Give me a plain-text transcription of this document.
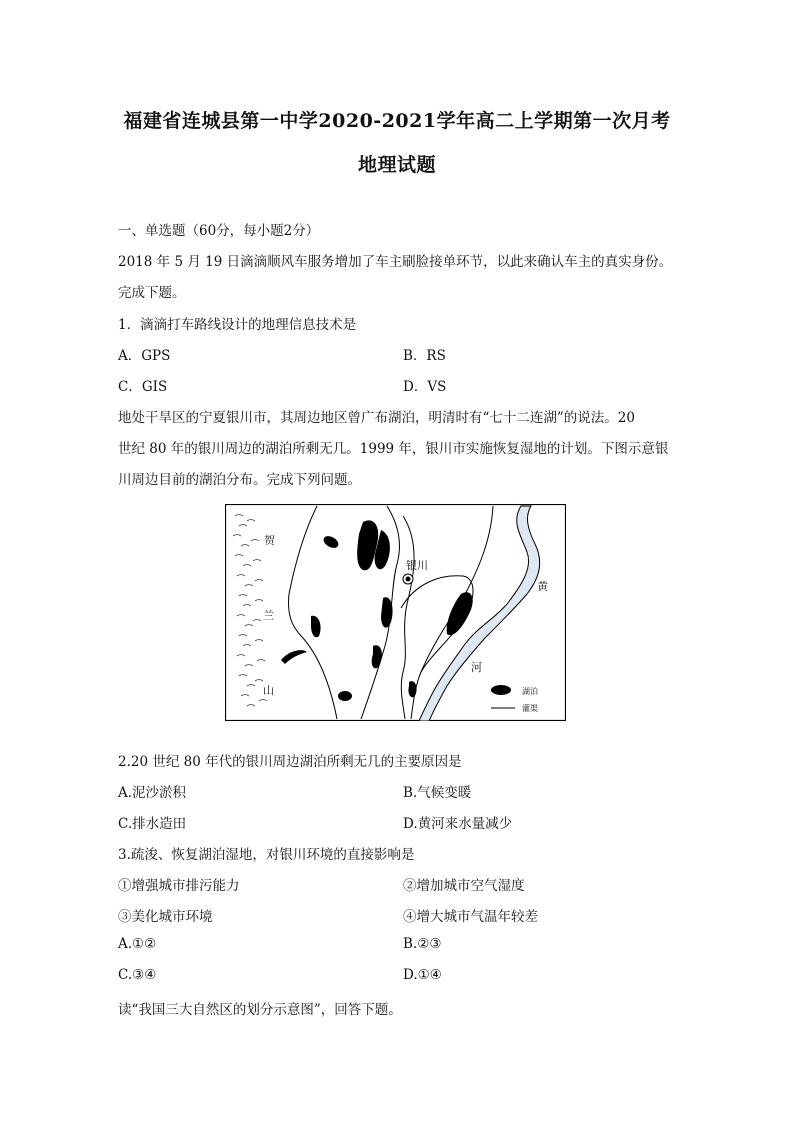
福建省连城县第一中学2020-2021学年高二上学期第一次月考
地理试题
一、单选题（60分，每小题2分）
2018 年 5 月 19 日滴滴顺风车服务增加了车主刷脸接单环节，以此来确认车主的真实身份。
完成下题。
1．滴滴打车路线设计的地理信息技术是
A．GPS	B．RS
C．GIS	D．VS
地处干旱区的宁夏银川市，其周边地区曾广布湖泊，明清时有“七十二连湖”的说法。20
世纪 80 年的银川周边的湖泊所剩无几。1999 年，银川市实施恢复湿地的计划。下图示意银
川周边目前的湖泊分布。完成下列问题。
贺
兰
山
银川
黄
河
湖泊
灌渠
2.20 世纪 80 年代的银川周边湖泊所剩无几的主要原因是
A.泥沙淤积	B.气候变暖
C.排水造田	D.黄河来水量减少
3.疏浚、恢复湖泊湿地，对银川环境的直接影响是
①增强城市排污能力	②增加城市空气湿度
③美化城市环境	④增大城市气温年较差
A.①②	B.②③
C.③④	D.①④
读“我国三大自然区的划分示意图”，回答下题。
